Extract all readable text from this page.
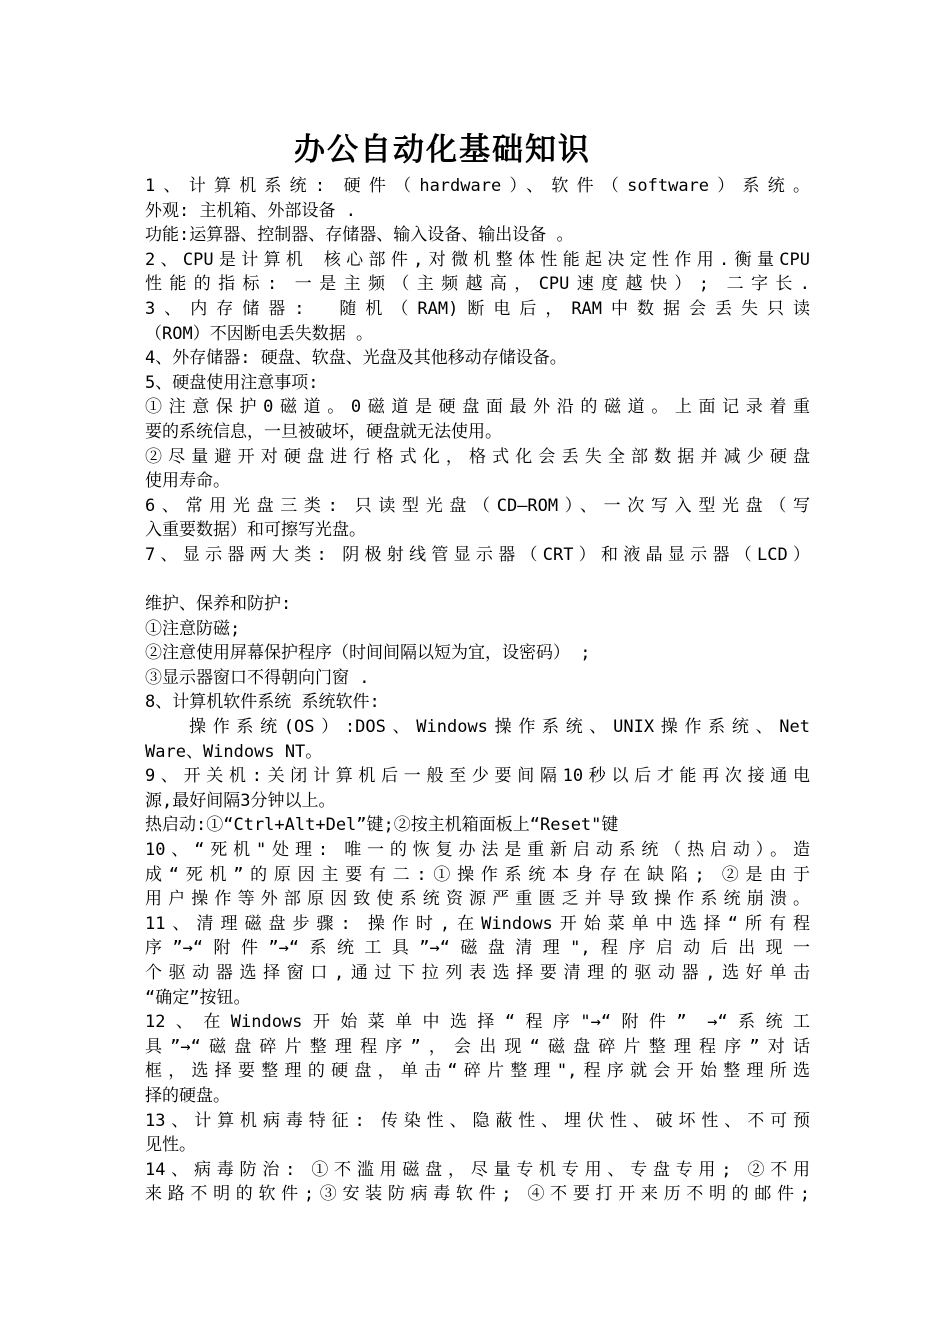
办公自动化基础知识
1、计算机系统: 硬件（hardware）、软件（software）系统。
外观: 主机箱、外部设备 .
功能:运算器、控制器、存储器、输入设备、输出设备 。
2、CPU是计算机 核心部件,对微机整体性能起决定性作用.衡量CPU
性能的指标: 一是主频（主频越高，CPU速度越快）; 二字长.
3、内存储器:　随机（RAM)断电后，RAM中数据会丢失只读
（ROM）不因断电丢失数据 。
4、外存储器: 硬盘、软盘、光盘及其他移动存储设备。
5、硬盘使用注意事项:
①注意保护0磁道。0磁道是硬盘面最外沿的磁道。上面记录着重
要的系统信息，一旦被破坏，硬盘就无法使用。
②尽量避开对硬盘进行格式化，格式化会丢失全部数据并减少硬盘
使用寿命。
6、常用光盘三类: 只读型光盘（CD—ROM）、一次写入型光盘（写
入重要数据）和可擦写光盘。
7、显示器两大类: 阴极射线管显示器（CRT）和液晶显示器（LCD）
维护、保养和防护:
①注意防磁;
②注意使用屏幕保护程序（时间间隔以短为宜，设密码） ;
③显示器窗口不得朝向门窗 .
8、计算机软件系统 系统软件:
操作系统(OS）:DOS、Windows操作系统、UNIX操作系统、Net
Ware、Windows NT。
9、开关机:关闭计算机后一般至少要间隔10秒以后才能再次接通电
源,最好间隔3分钟以上。
热启动:①“Ctrl+Alt+Del”键;②按主机箱面板上“Reset"键
10、“死机"处理: 唯一的恢复办法是重新启动系统（热启动）。造
成“死机”的原因主要有二:①操作系统本身存在缺陷; ②是由于
用户操作等外部原因致使系统资源严重匮乏并导致操作系统崩溃。
11、清理磁盘步骤: 操作时,在Windows开始菜单中选择“所有程
序”→“附件”→“系统工具”→“磁盘清理",程序启动后出现一
个驱动器选择窗口,通过下拉列表选择要清理的驱动器,选好单击
“确定”按钮。
12、在Windows开始菜单中选择“程序"→“附件” →“系统工
具”→“磁盘碎片整理程序”，会出现“磁盘碎片整理程序”对话
框，选择要整理的硬盘，单击“碎片整理",程序就会开始整理所选
择的硬盘。
13、计算机病毒特征: 传染性、隐蔽性、埋伏性、破坏性、不可预
见性。
14、病毒防治: ①不滥用磁盘，尽量专机专用、专盘专用; ②不用
来路不明的软件;③安装防病毒软件; ④不要打开来历不明的邮件;
